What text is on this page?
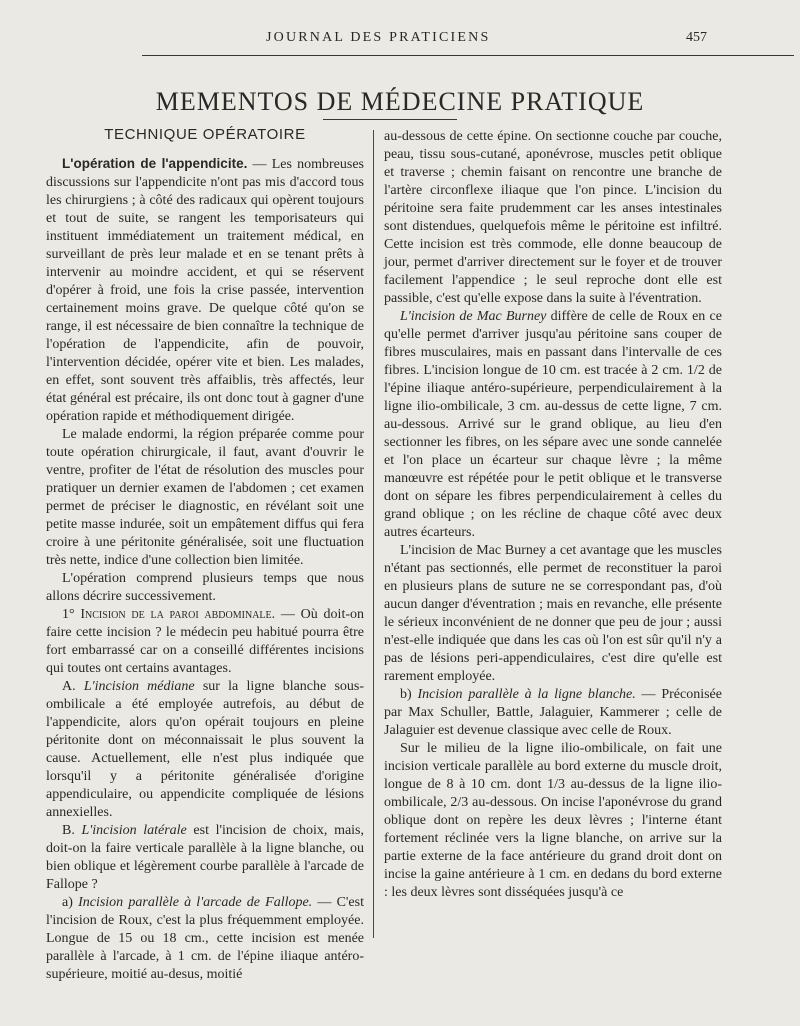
JOURNAL DES PRATICIENS	457
MEMENTOS DE MÉDECINE PRATIQUE
TECHNIQUE OPÉRATOIRE

L'opération de l'appendicite. — Les nombreuses discussions sur l'appendicite n'ont pas mis d'accord tous les chirurgiens ; à côté des radicaux qui opèrent toujours et tout de suite, se rangent les temporisateurs qui instituent immédiatement un traitement médical, en surveillant de près leur malade et en se tenant prêts à intervenir au moindre accident, et qui se réservent d'opérer à froid, une fois la crise passée, intervention certainement moins grave. De quelque côté qu'on se range, il est nécessaire de bien connaître la technique de l'opération de l'appendicite, afin de pouvoir, l'intervention décidée, opérer vite et bien. Les malades, en effet, sont souvent très affaiblis, très affectés, leur état général est précaire, ils ont donc tout à gagner d'une opération rapide et méthodiquement dirigée.

Le malade endormi, la région préparée comme pour toute opération chirurgicale, il faut, avant d'ouvrir le ventre, profiter de l'état de résolution des muscles pour pratiquer un dernier examen de l'abdomen ; cet examen permet de préciser le diagnostic, en révélant soit une petite masse indurée, soit un empâtement diffus qui fera croire à une péritonite généralisée, soit une fluctuation très nette, indice d'une collection bien limitée.

L'opération comprend plusieurs temps que nous allons décrire successivement.

1° Incision de la paroi abdominale. — Où doit-on faire cette incision ? le médecin peu habitué pourra être fort embarrassé car on a conseillé différentes incisions qui toutes ont certains avantages.

A. L'incision médiane sur la ligne blanche sous-ombilicale a été employée autrefois, au début de l'appendicite, alors qu'on opérait toujours en pleine péritonite dont on méconnaissait le plus souvent la cause. Actuellement, elle n'est plus indiquée que lorsqu'il y a péritonite généralisée d'origine appendiculaire, ou appendicite compliquée de lésions annexielles.

B. L'incision latérale est l'incision de choix, mais, doit-on la faire verticale parallèle à la ligne blanche, ou bien oblique et légèrement courbe parallèle à l'arcade de Fallope ?

a) Incision parallèle à l'arcade de Fallope. — C'est l'incision de Roux, c'est la plus fréquemment employée. Longue de 15 ou 18 cm., cette incision est menée parallèle à l'arcade, à 1 cm. de l'épine iliaque antéro-supérieure, moitié au-desus, moitié

au-dessous de cette épine. On sectionne couche par couche, peau, tissu sous-cutané, aponévrose, muscles petit oblique et traverse ; chemin faisant on rencontre une branche de l'artère circonflexe iliaque que l'on pince. L'incision du péritoine sera faite prudemment car les anses intestinales sont distendues, quelquefois même le péritoine est infiltré. Cette incision est très commode, elle donne beaucoup de jour, permet d'arriver directement sur le foyer et de trouver facilement l'appendice ; le seul reproche dont elle est passible, c'est qu'elle expose dans la suite à l'éventration.

L'incision de Mac Burney diffère de celle de Roux en ce qu'elle permet d'arriver jusqu'au péritoine sans couper de fibres musculaires, mais en passant dans l'intervalle de ces fibres. L'incision longue de 10 cm. est tracée à 2 cm. 1/2 de l'épine iliaque antéro-supérieure, perpendiculairement à la ligne ilio-ombilicale, 3 cm. au-dessus de cette ligne, 7 cm. au-dessous. Arrivé sur le grand oblique, au lieu d'en sectionner les fibres, on les sépare avec une sonde cannelée et l'on place un écarteur sur chaque lèvre ; la même manœuvre est répétée pour le petit oblique et le transverse dont on sépare les fibres perpendiculairement à celles du grand oblique ; on les récline de chaque côté avec deux autres écarteurs.

L'incision de Mac Burney a cet avantage que les muscles n'étant pas sectionnés, elle permet de reconstituer la paroi en plusieurs plans de suture ne se correspondant pas, d'où aucun danger d'éventration ; mais en revanche, elle présente le sérieux inconvénient de ne donner que peu de jour ; aussi n'est-elle indiquée que dans les cas où l'on est sûr qu'il n'y a pas de lésions peri-appendiculaires, c'est dire qu'elle est rarement employée.

b) Incision parallèle à la ligne blanche. — Préconisée par Max Schuller, Battle, Jalaguier, Kammerer ; celle de Jalaguier est devenue classique avec celle de Roux.

Sur le milieu de la ligne ilio-ombilicale, on fait une incision verticale parallèle au bord externe du muscle droit, longue de 8 à 10 cm. dont 1/3 au-dessus de la ligne ilio-ombilicale, 2/3 au-dessous. On incise l'aponévrose du grand oblique dont on repère les deux lèvres ; l'interne étant fortement réclinée vers la ligne blanche, on arrive sur la partie externe de la face antérieure du grand droit dont on incise la gaine antérieure à 1 cm. en dedans du bord externe : les deux lèvres sont disséquées jusqu'à ce
